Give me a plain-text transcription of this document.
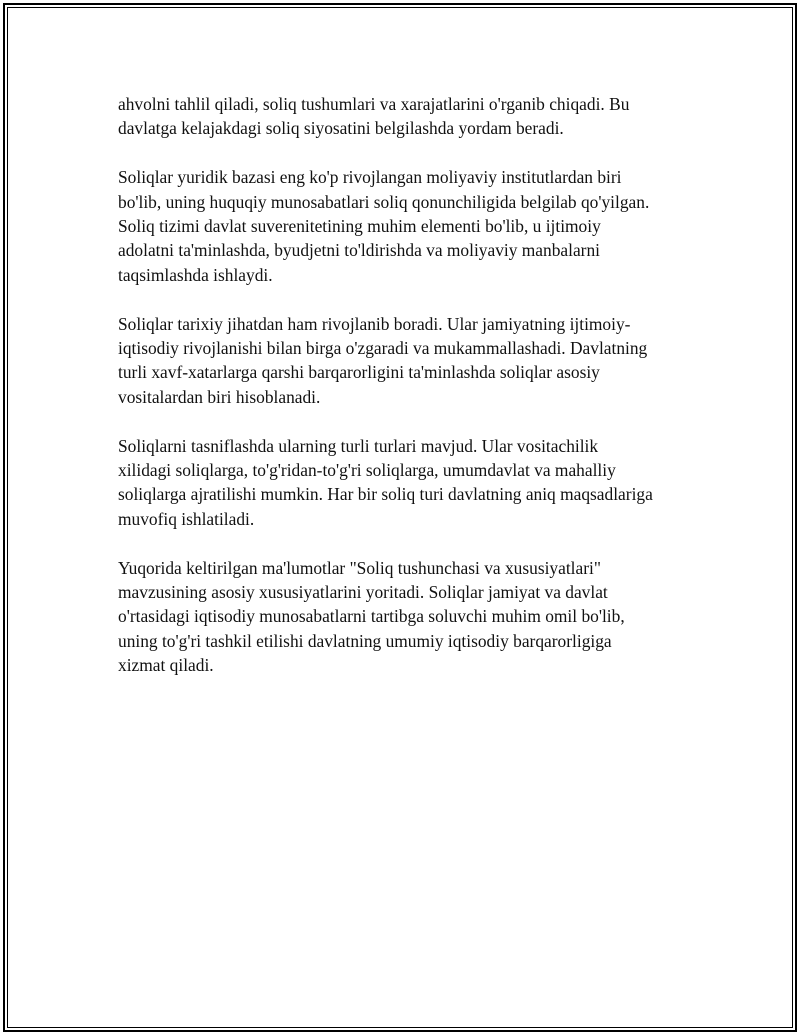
ahvolni tahlil qiladi, soliq tushumlari va xarajatlarini o'rganib chiqadi. Bu
davlatga kelajakdagi soliq siyosatini belgilashda yordam beradi.

Soliqlar yuridik bazasi eng ko'p rivojlangan moliyaviy institutlardan biri
bo'lib, uning huquqiy munosabatlari soliq qonunchiligida belgilab qo'yilgan.
Soliq tizimi davlat suverenitetining muhim elementi bo'lib, u ijtimoiy
adolatni ta'minlashda, byudjetni to'ldirishda va moliyaviy manbalarni
taqsimlashda ishlaydi.

Soliqlar tarixiy jihatdan ham rivojlanib boradi. Ular jamiyatning ijtimoiy-
iqtisodiy rivojlanishi bilan birga o'zgaradi va mukammallashadi. Davlatning
turli xavf-xatarlarga qarshi barqarorligini ta'minlashda soliqlar asosiy
vositalardan biri hisoblanadi.

Soliqlarni tasniflashda ularning turli turlari mavjud. Ular vositachilik
xilidagi soliqlarga, to'g'ridan-to'g'ri soliqlarga, umumdavlat va mahalliy
soliqlarga ajratilishi mumkin. Har bir soliq turi davlatning aniq maqsadlariga
muvofiq ishlatiladi.

Yuqorida keltirilgan ma'lumotlar "Soliq tushunchasi va xususiyatlari"
mavzusining asosiy xususiyatlarini yoritadi. Soliqlar jamiyat va davlat
o'rtasidagi iqtisodiy munosabatlarni tartibga soluvchi muhim omil bo'lib,
uning to'g'ri tashkil etilishi davlatning umumiy iqtisodiy barqarorligiga
xizmat qiladi.
